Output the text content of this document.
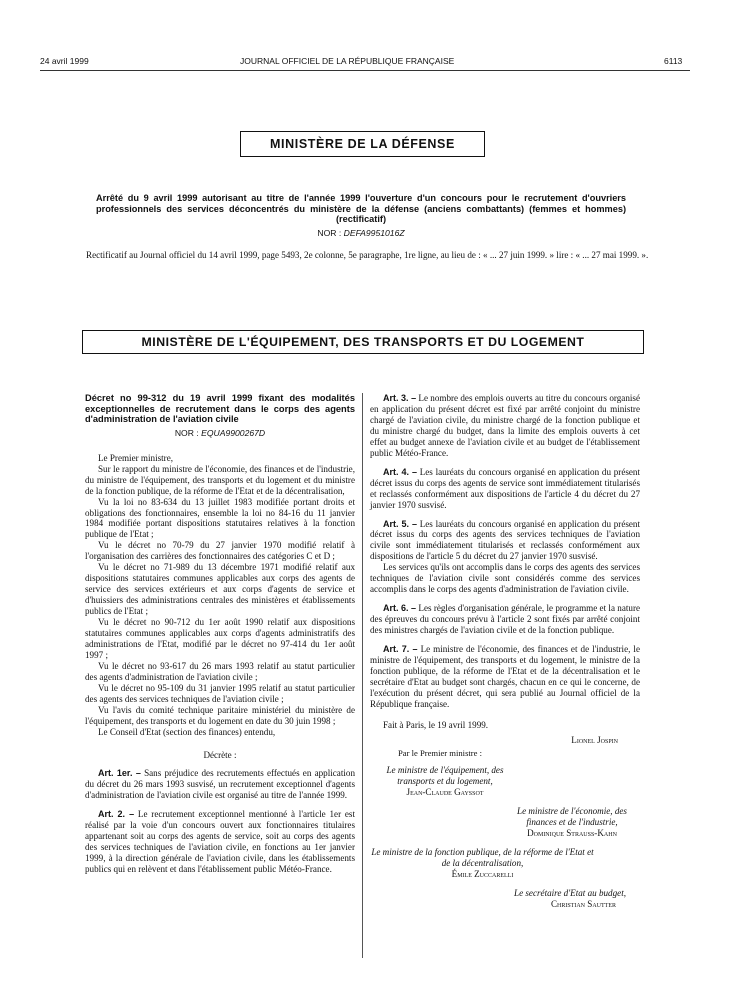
24 avril 1999	JOURNAL OFFICIEL DE LA RÉPUBLIQUE FRANÇAISE	6113
MINISTÈRE DE LA DÉFENSE
Arrêté du 9 avril 1999 autorisant au titre de l'année 1999 l'ouverture d'un concours pour le recrutement d'ouvriers professionnels des services déconcentrés du ministère de la défense (anciens combattants) (femmes et hommes) (rectificatif)
NOR : DEFA9951016Z
Rectificatif au Journal officiel du 14 avril 1999, page 5493, 2e colonne, 5e paragraphe, 1re ligne, au lieu de : « ... 27 juin 1999. » lire : « ... 27 mai 1999. ».
MINISTÈRE DE L'ÉQUIPEMENT, DES TRANSPORTS ET DU LOGEMENT
Décret no 99-312 du 19 avril 1999 fixant des modalités exceptionnelles de recrutement dans le corps des agents d'administration de l'aviation civile
NOR : EQUA9900267D

Le Premier ministre,

Sur le rapport du ministre de l'économie, des finances et de l'industrie, du ministre de l'équipement, des transports et du logement et du ministre de la fonction publique, de la réforme de l'Etat et de la décentralisation,

Vu la loi no 83-634 du 13 juillet 1983 modifiée portant droits et obligations des fonctionnaires, ensemble la loi no 84-16 du 11 janvier 1984 modifiée portant dispositions statutaires relatives à la fonction publique de l'Etat ;

Vu le décret no 70-79 du 27 janvier 1970 modifié relatif à l'organisation des carrières des fonctionnaires des catégories C et D ;

Vu le décret no 71-989 du 13 décembre 1971 modifié relatif aux dispositions statutaires communes applicables aux corps des agents de service des services extérieurs et aux corps d'agents de service et d'huissiers des administrations centrales des ministères et établissements publics de l'Etat ;

Vu le décret no 90-712 du 1er août 1990 relatif aux dispositions statutaires communes applicables aux corps d'agents administratifs des administrations de l'Etat, modifié par le décret no 97-414 du 1er août 1997 ;

Vu le décret no 93-617 du 26 mars 1993 relatif au statut particulier des agents d'administration de l'aviation civile ;

Vu le décret no 95-109 du 31 janvier 1995 relatif au statut particulier des agents des services techniques de l'aviation civile ;

Vu l'avis du comité technique paritaire ministériel du ministère de l'équipement, des transports et du logement en date du 30 juin 1998 ;

Le Conseil d'Etat (section des finances) entendu,

Décrète :

Art. 1er. – Sans préjudice des recrutements effectués en application du décret du 26 mars 1993 susvisé, un recrutement exceptionnel d'agents d'administration de l'aviation civile est organisé au titre de l'année 1999.

Art. 2. – Le recrutement exceptionnel mentionné à l'article 1er est réalisé par la voie d'un concours ouvert aux fonctionnaires titulaires appartenant soit au corps des agents de service, soit au corps des agents des services techniques de l'aviation civile, en fonctions au 1er janvier 1999, à la direction générale de l'aviation civile, dans les établissements publics qui en relèvent et dans l'établissement public Météo-France.

Art. 3. – Le nombre des emplois ouverts au titre du concours organisé en application du présent décret est fixé par arrêté conjoint du ministre chargé de l'aviation civile, du ministre chargé de la fonction publique et du ministre chargé du budget, dans la limite des emplois ouverts à cet effet au budget annexe de l'aviation civile et au budget de l'établissement public Météo-France.

Art. 4. – Les lauréats du concours organisé en application du présent décret issus du corps des agents de service sont immédiatement titularisés et reclassés conformément aux dispositions de l'article 4 du décret du 27 janvier 1970 susvisé.

Art. 5. – Les lauréats du concours organisé en application du présent décret issus du corps des agents des services techniques de l'aviation civile sont immédiatement titularisés et reclassés conformément aux dispositions de l'article 5 du décret du 27 janvier 1970 susvisé.

Les services qu'ils ont accomplis dans le corps des agents des services techniques de l'aviation civile sont considérés comme des services accomplis dans le corps des agents d'administration de l'aviation civile.

Art. 6. – Les règles d'organisation générale, le programme et la nature des épreuves du concours prévu à l'article 2 sont fixés par arrêté conjoint des ministres chargés de l'aviation civile et de la fonction publique.

Art. 7. – Le ministre de l'économie, des finances et de l'industrie, le ministre de l'équipement, des transports et du logement, le ministre de la fonction publique, de la réforme de l'Etat et de la décentralisation et le secrétaire d'Etat au budget sont chargés, chacun en ce qui le concerne, de l'exécution du présent décret, qui sera publié au Journal officiel de la République française.

Fait à Paris, le 19 avril 1999.

Lionel Jospin
Par le Premier ministre :
Le ministre de l'équipement, des transports et du logement,
Jean-Claude Gayssot
Le ministre de l'économie, des finances et de l'industrie,
Dominique Strauss-Kahn
Le ministre de la fonction publique, de la réforme de l'Etat et de la décentralisation,
Émile Zuccarelli
Le secrétaire d'Etat au budget,
Christian Sautter
